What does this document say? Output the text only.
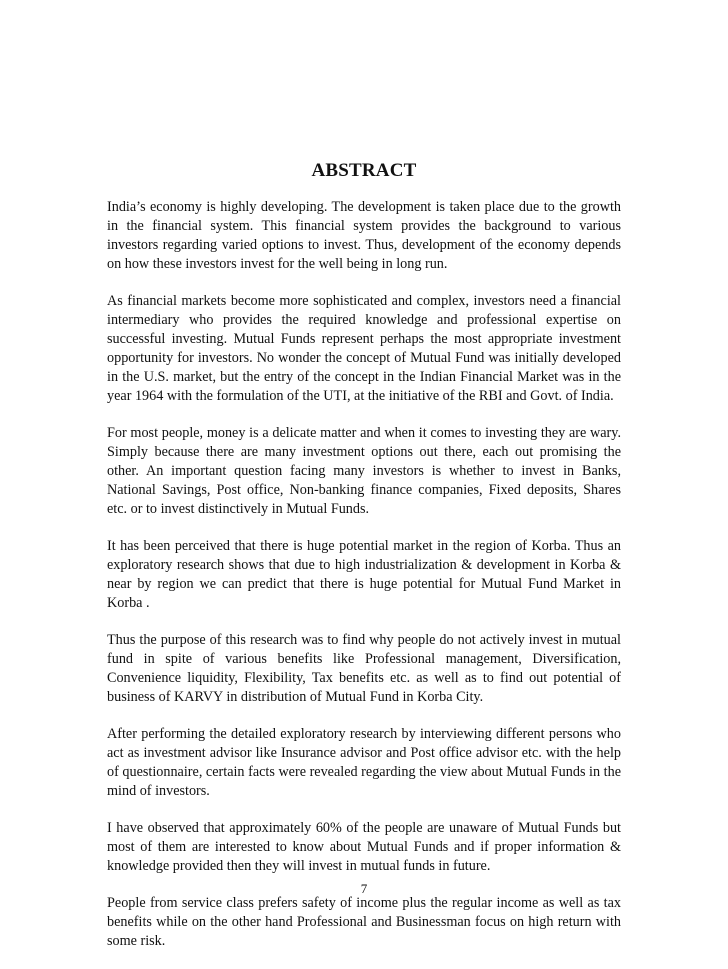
ABSTRACT

India’s economy is highly developing. The development is taken place due to the growth in the financial system. This financial system provides the background to various investors regarding varied options to invest. Thus, development of the economy depends on how these investors invest for the well being in long run.

As financial markets become more sophisticated and complex, investors need a financial intermediary who provides the required knowledge and professional expertise on successful investing. Mutual Funds represent perhaps the most appropriate investment opportunity for investors. No wonder the concept of Mutual Fund was initially developed in the U.S. market, but the entry of the concept in the Indian Financial Market was in the year 1964 with the formulation of the UTI, at the initiative of the RBI and Govt. of India.

For most people, money is a delicate matter and when it comes to investing they are wary. Simply because there are many investment options out there, each out promising the other. An important question facing many investors is whether to invest in Banks, National Savings, Post office, Non-banking finance companies, Fixed deposits, Shares etc. or to invest distinctively in Mutual Funds.

It has been perceived that there is huge potential market in the region of Korba. Thus an exploratory research shows that due to high industrialization & development in Korba & near by region we can predict that there is huge potential for Mutual Fund Market in Korba .

Thus the purpose of this research was to find why people do not actively invest in mutual fund in spite of various benefits like Professional management, Diversification, Convenience liquidity, Flexibility, Tax benefits etc. as well as to find out potential of business of KARVY in distribution of Mutual Fund in Korba City.

After performing the detailed exploratory research by interviewing different persons who act as investment advisor like Insurance advisor and Post office advisor etc. with the help of questionnaire, certain facts were revealed regarding the view about Mutual Funds in the mind of investors.

I have observed that approximately 60% of the people are unaware of Mutual Funds but most of them are interested to know about Mutual Funds and if proper information & knowledge provided then they will invest in mutual funds in future.

People from service class prefers safety of income plus the regular income as well as tax benefits while on the other hand Professional and Businessman focus on high return with some risk.

7
